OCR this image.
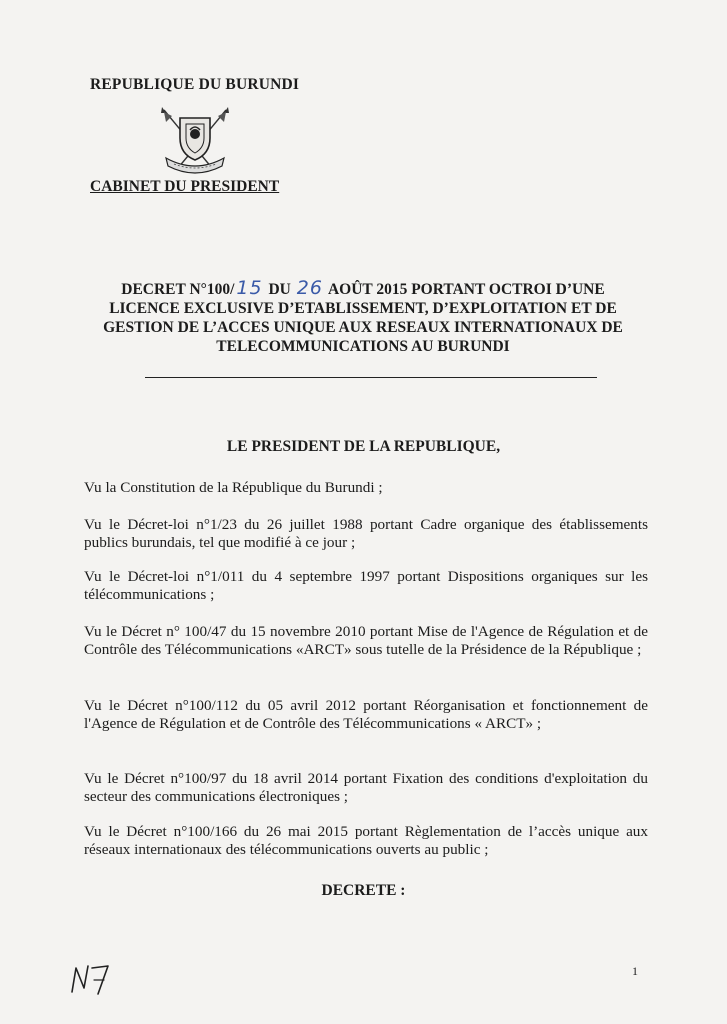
REPUBLIQUE DU BURUNDI
CABINET DU PRESIDENT
DECRET N°100/ 15 DU 26 AOÛT 2015 PORTANT OCTROI D’UNE
LICENCE EXCLUSIVE D’ETABLISSEMENT, D’EXPLOITATION ET DE
GESTION DE L’ACCES UNIQUE AUX RESEAUX INTERNATIONAUX DE
TELECOMMUNICATIONS AU BURUNDI
LE PRESIDENT DE LA REPUBLIQUE,
Vu la Constitution de la République du Burundi ;
Vu le Décret-loi n°1/23 du 26 juillet 1988 portant Cadre organique des établissements publics burundais, tel que modifié à ce jour ;
Vu le Décret-loi n°1/011 du 4 septembre 1997 portant Dispositions organiques sur les télécommunications ;
Vu le Décret n° 100/47 du 15 novembre 2010 portant Mise de l'Agence de Régulation et de Contrôle des Télécommunications «ARCT» sous tutelle de la Présidence de la République ;
Vu le Décret n°100/112 du 05 avril 2012 portant Réorganisation et fonctionnement de l'Agence de Régulation et de Contrôle des Télécommunications « ARCT» ;
Vu le Décret n°100/97 du 18 avril 2014 portant Fixation des conditions d'exploitation du secteur des communications électroniques ;
Vu le Décret n°100/166 du 26 mai 2015 portant Règlementation de l’accès unique aux réseaux internationaux des télécommunications ouverts au public ;
DECRETE :
1
